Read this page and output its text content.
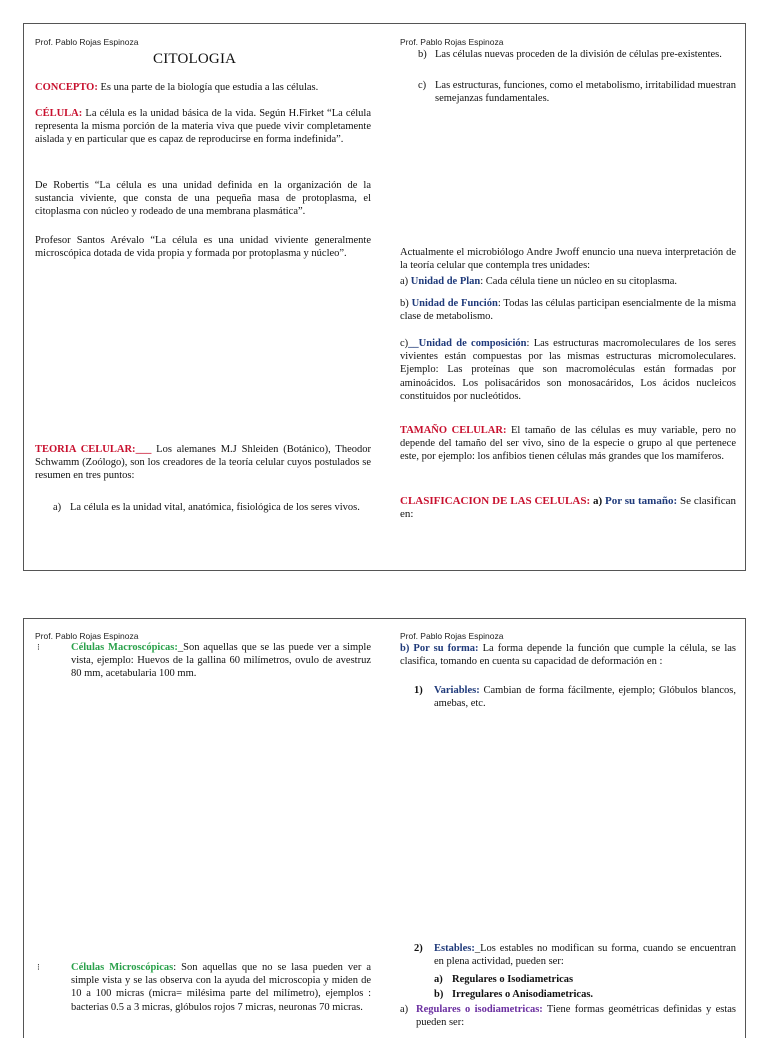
Prof. Pablo Rojas Espinoza
CITOLOGIA
CONCEPTO: Es una parte de la biología que estudia a las células.
CÉLULA: La célula es la unidad básica de la vida. Según H.Firket “La célula representa la misma porción de la materia viva que puede vivir completamente aislada y en particular que es capaz de reproducirse en forma indefinida”.
De Robertis “La célula es una unidad definida en la organización de la sustancia viviente, que consta de una pequeña masa de protoplasma, el citoplasma con núcleo y rodeado de una membrana plasmática”.
Profesor Santos Arévalo “La célula es una unidad viviente generalmente microscópica dotada de vida propia y formada por protoplasma y núcleo”.
TEORIA CELULAR:___ Los alemanes M.J Shleiden (Botánico), Theodor Schwamm (Zoólogo), son los creadores de la teoría celular cuyos postulados se resumen en tres puntos:
a) La célula es la unidad vital, anatómica, fisiológica de los seres vivos.
Prof. Pablo Rojas Espinoza
b) Las células nuevas proceden de la división de células pre-existentes.
c) Las estructuras, funciones, como el metabolismo, irritabilidad muestran semejanzas fundamentales.
Actualmente el microbiólogo Andre Jwoff enuncio una nueva interpretación de la teoría celular que contempla tres unidades:
a) Unidad de Plan: Cada célula tiene un núcleo en su citoplasma.
b) Unidad de Función: Todas las células participan esencialmente de la misma clase de metabolismo.
c)__Unidad de composición: Las estructuras macromoleculares de los seres vivientes están compuestas por las mismas estructuras micromoleculares. Ejemplo: Las proteínas que son macromoléculas están formadas por aminoácidos. Los polisacáridos son monosacáridos, Los ácidos nucleicos constituidos por nucleótidos.
TAMAÑO CELULAR: El tamaño de las células es muy variable, pero no depende del tamaño del ser vivo, sino de la especie o grupo al que pertenece este, por ejemplo: los anfibios tienen células más grandes que los mamíferos.
CLASIFICACION DE LAS CELULAS: a) Por su tamaño: Se clasifican en:
Prof. Pablo Rojas Espinoza
⁝	Células Macroscópicas:_Son aquellas que se las puede ver a simple vista, ejemplo: Huevos de la gallina 60 milímetros, ovulo de avestruz 80 mm, acetabularia 100 mm.
⁝	Células Microscópicas: Son aquellas que no se lasa pueden ver a simple vista y se las observa con la ayuda del microscopia y miden de 10 a 100 micras (micra= milésima parte del milímetro), ejemplos : bacterias 0.5 a 3 micras, glóbulos rojos 7 micras, neuronas 70 micras.
Prof. Pablo Rojas Espinoza
b) Por su forma: La forma depende la función que cumple la célula, se las clasifica, tomando en cuenta su capacidad de deformación en :
1) Variables: Cambian de forma fácilmente, ejemplo; Glóbulos blancos, amebas, etc.
2) Estables:_Los estables no modifican su forma, cuando se encuentran en plena actividad, pueden ser:
a) Regulares o Isodiametricas
b) Irregulares o Anisodiametricas.
a) Regulares o isodiametricas: Tiene formas geométricas definidas y estas pueden ser:
